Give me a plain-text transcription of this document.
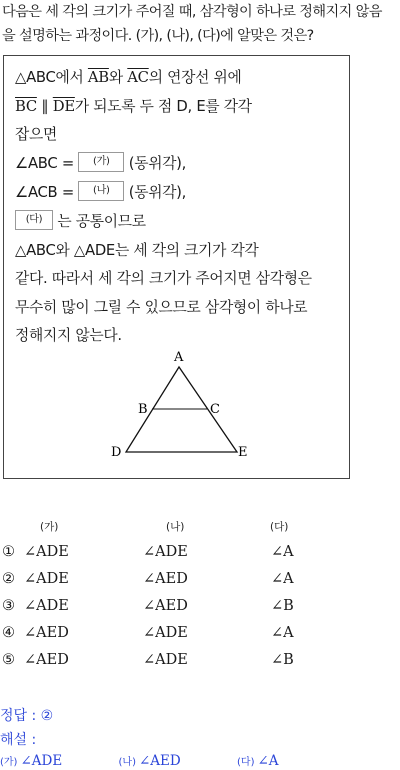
다음은 세 각의 크기가 주어질 때, 삼각형이 하나로 정해지지 않음
을 설명하는 과정이다. (가), (나), (다)에 알맞은 것은?
△ABC에서 $\overline{AB}$와 $\overline{AC}$의 연장선 위에
$\overline{BC}$ ∥ $\overline{DE}$가 되도록 두 점 D, E를 각각
잡으면
∠ABC = (가) (동위각),
∠ACB = (나) (동위각),
(다) 는 공통이므로
△ABC와 △ADE는 세 각의 크기가 각각
같다. 따라서 세 각의 크기가 주어지면 삼각형은
무수히 많이 그릴 수 있으므로 삼각형이 하나로
정해지지 않는다.
A
B	C
D	E
(가)	(나)	(다)
① ∠ADE	∠ADE	∠A
② ∠ADE	∠AED	∠A
③ ∠ADE	∠AED	∠B
④ ∠AED	∠ADE	∠A
⑤ ∠AED	∠ADE	∠B
정답 : ②
해설 :
(가) ∠ADE	(나) ∠AED	(다) ∠A
